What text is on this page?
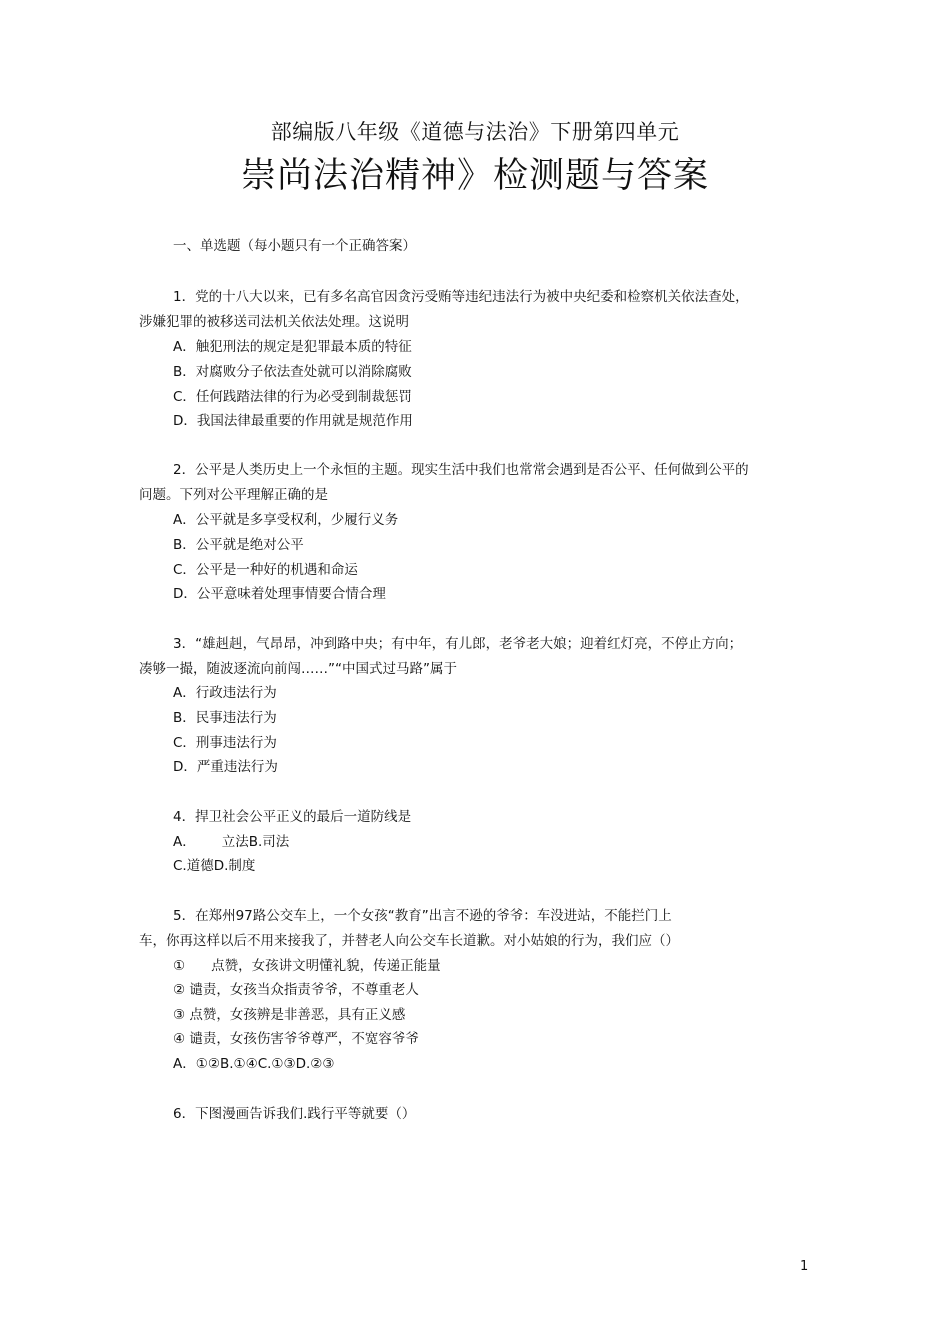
部编版八年级《道德与法治》下册第四单元
崇尚法治精神》检测题与答案
一、单选题（每小题只有一个正确答案）
1．党的十八大以来，已有多名高官因贪污受贿等违纪违法行为被中央纪委和检察机关依法查处，
涉嫌犯罪的被移送司法机关依法处理。这说明
A．触犯刑法的规定是犯罪最本质的特征
B．对腐败分子依法查处就可以消除腐败
C．任何践踏法律的行为必受到制裁惩罚
D．我国法律最重要的作用就是规范作用
2．公平是人类历史上一个永恒的主题。现实生活中我们也常常会遇到是否公平、任何做到公平的
问题。下列对公平理解正确的是
A．公平就是多享受权利，少履行义务
B．公平就是绝对公平
C．公平是一种好的机遇和命运
D．公平意味着处理事情要合情合理
3．“雄赳赳，气昂昂，冲到路中央；有中年，有儿郎，老爷老大娘；迎着红灯亮，不停止方向；
凑够一撮，随波逐流向前闯……”“中国式过马路”属于
A．行政违法行为
B．民事违法行为
C．刑事违法行为
D．严重违法行为
4．捍卫社会公平正义的最后一道防线是
A． 立法B.司法
C.道德D.制度
5．在郑州97路公交车上，一个女孩“教育”出言不逊的爷爷：车没进站，不能拦门上
车，你再这样以后不用来接我了，并替老人向公交车长道歉。对小姑娘的行为，我们应（）
① 点赞，女孩讲文明懂礼貌，传递正能量
② 谴责，女孩当众指责爷爷，不尊重老人
③ 点赞，女孩辨是非善恶，具有正义感
④ 谴责，女孩伤害爷爷尊严，不宽容爷爷
A．①②B.①④C.①③D.②③
6．下图漫画告诉我们.践行平等就要（）
1
